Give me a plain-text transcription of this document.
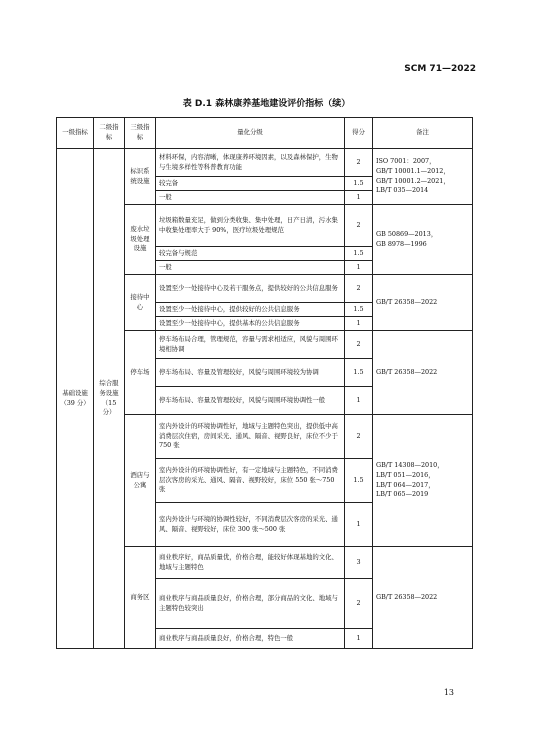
SCM 71—2022
表 D.1 森林康养基地建设评价指标（续）
一级指标	二级指标	三级指标	量化分级	得分	备注
基础设施（39 分）	综合服务设施（15 分）	标识系统设施	材料环保，内容清晰，体现康养环境因素，以及森林保护，生物与生境多样性等科普教育功能	2	ISO 7001：2007，
GB/T 10001.1—2012，
GB/T 10001.2—2021，
LB/T 035—2014

			较完备	1.5	
			一般	1	
		废水垃圾处理设施	垃圾箱数量充足，做到分类收集、集中处理，日产日清，污水集中收集处理率大于 90%，医疗垃圾处理规范	2	GB 50869—2013，
GB 8978—1996

			较完备与规范	1.5	
			一般	1	
		接待中心	设置至少一处接待中心及若干服务点，提供较好的公共信息服务	2	GB/T 26358—2022

			设置至少一处接待中心，提供较好的公共信息服务	1.5	
			设置至少一处接待中心，提供基本的公共信息服务	1	
		停车场	停车场布局合理，管理规范，容量与需求相适应，风貌与周围环境相协调	2	GB/T 26358—2022

			停车场布局、容量及管理较好，风貌与周围环境较为协调	1.5	
			停车场布局、容量及管理较好，风貌与周围环境协调性一般	1	
		酒店与公寓	室内外设计的环境协调性好，地域与主题特色突出，提供低中高消费层次住宿，房间采光、通风、隔音、视野良好，床位不少于 750 张	2	GB/T 14308—2010，
LB/T 051—2016，
LB/T 064—2017，
LB/T 065—2019

			室内外设计的环境协调性好，有一定地域与主题特色，不同消费层次客房的采光、通风、隔音、视野较好，床位 550 张～750 张	1.5	
			室内外设计与环境的协调性较好，不同消费层次客房的采光、通风、隔音、视野较好，床位 300 张～500 张	1	
		商务区	商业秩序好，商品质量优，价格合理，能较好体现基地的文化、地域与主题特色	3	GB/T 26358—2022

			商业秩序与商品质量良好，价格合理，部分商品的文化、地域与主题特色较突出	2	
			商业秩序与商品质量良好，价格合理，特色一般	1	
13
